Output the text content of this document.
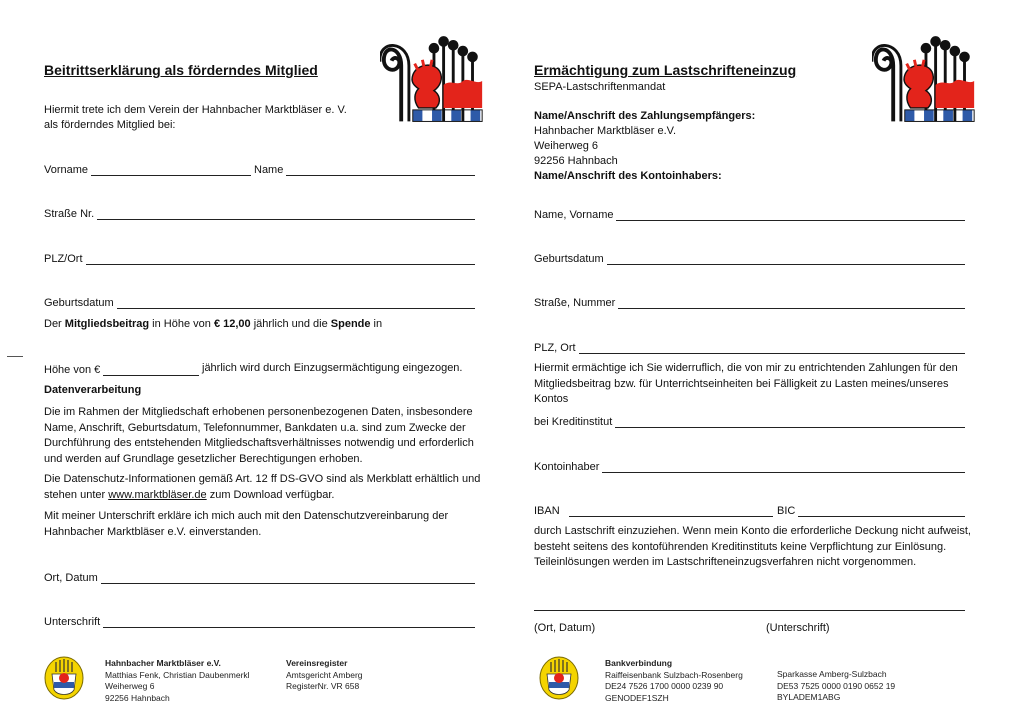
Beitrittserklärung als förderndes Mitglied
Hiermit trete ich dem Verein der Hahnbacher Marktbläser e. V.
als förderndes Mitglied bei:
Vorname	Name
Straße Nr.
PLZ/Ort
Geburtsdatum
Der Mitgliedsbeitrag in Höhe von € 12,00 jährlich und die Spende in
Höhe von €	jährlich wird durch Einzugsermächtigung eingezogen.
Datenverarbeitung
Die im Rahmen der Mitgliedschaft erhobenen personenbezogenen Daten, insbesondere Name, Anschrift, Geburtsdatum, Telefonnummer, Bankdaten u.a. sind zum Zwecke der Durchführung des entstehenden Mitgliedschaftsverhältnisses notwendig und erforderlich und werden auf Grundlage gesetzlicher Berechtigungen erhoben.
Die Datenschutz-Informationen gemäß Art. 12 ff DS-GVO sind als Merkblatt erhältlich und stehen unter www.marktbläser.de zum Download verfügbar.
Mit meiner Unterschrift erkläre ich mich auch mit den Datenschutzvereinbarung der Hahnbacher Marktbläser e.V. einverstanden.
Ort, Datum
Unterschrift
Hahnbacher Marktbläser e.V.
Matthias Fenk, Christian Daubenmerkl
Weiherweg 6
92256 Hahnbach
Vereinsregister
Amtsgericht Amberg
RegisterNr. VR 658
Ermächtigung zum Lastschrifteneinzug
SEPA-Lastschriftenmandat
Name/Anschrift des Zahlungsempfängers:
Hahnbacher Marktbläser e.V.
Weiherweg 6
92256 Hahnbach
Name/Anschrift des Kontoinhabers:
Name, Vorname
Geburtsdatum
Straße, Nummer
PLZ, Ort
Hiermit ermächtige ich Sie widerruflich, die von mir zu entrichtenden Zahlungen für den Mitgliedsbeitrag bzw. für Unterrichtseinheiten bei Fälligkeit zu Lasten meines/unseres Kontos
bei Kreditinstitut
Kontoinhaber
IBAN	BIC
durch Lastschrift einzuziehen. Wenn mein Konto die erforderliche Deckung nicht aufweist, besteht seitens des kontoführenden Kreditinstituts keine Verpflichtung zur Einlösung. Teileinlösungen werden im Lastschrifteneinzugsverfahren nicht vorgenommen.
(Ort, Datum)	(Unterschrift)
Bankverbindung
Raiffeisenbank Sulzbach-Rosenberg
DE24 7526 1700 0000 0239 90
GENODEF1SZH
Sparkasse Amberg-Sulzbach
DE53 7525 0000 0190 0652 19
BYLADEM1ABG
